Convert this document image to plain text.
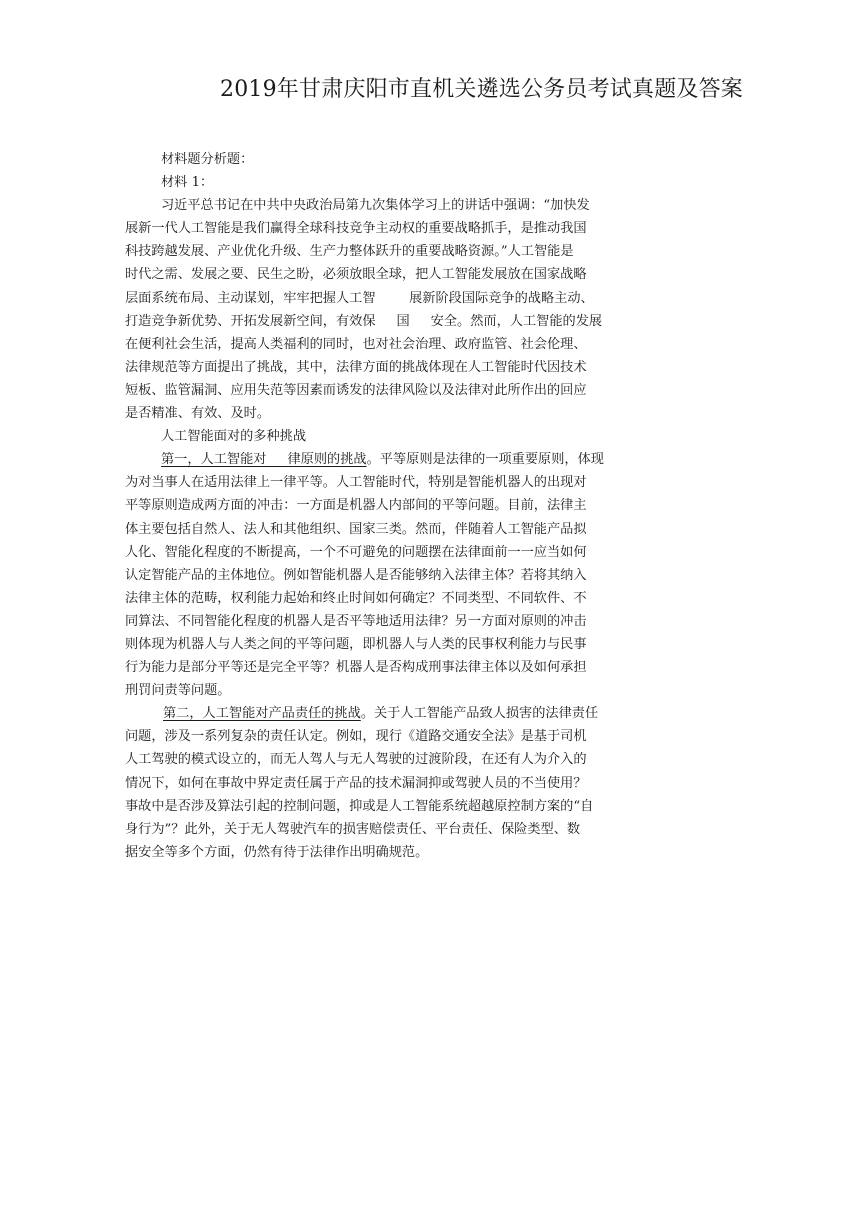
2019年甘肃庆阳市直机关遴选公务员考试真题及答案
材料题分析题：
材料 1：
习近平总书记在中共中央政治局第九次集体学习上的讲话中强调：“加快发
展新一代人工智能是我们赢得全球科技竞争主动权的重要战略抓手，是推动我国
科技跨越发展、产业优化升级、生产力整体跃升的重要战略资源。”人工智能是
时代之需、发展之要、民生之盼，必须放眼全球，把人工智能发展放在国家战略
层面系统布局、主动谋划，牢牢把握人工智        展新阶段国际竞争的战略主动、
打造竞争新优势、开拓发展新空间，有效保     国     安全。然而，人工智能的发展
在便利社会生活，提高人类福利的同时，也对社会治理、政府监管、社会伦理、
法律规范等方面提出了挑战，其中，法律方面的挑战体现在人工智能时代因技术
短板、监管漏洞、应用失范等因素而诱发的法律风险以及法律对此所作出的回应
是否精准、有效、及时。
人工智能面对的多种挑战
第一，人工智能对     律原则的挑战。平等原则是法律的一项重要原则，体现
为对当事人在适用法律上一律平等。人工智能时代，特别是智能机器人的出现对
平等原则造成两方面的冲击：一方面是机器人内部间的平等问题。目前，法律主
体主要包括自然人、法人和其他组织、国家三类。然而，伴随着人工智能产品拟
人化、智能化程度的不断提高，一个不可避免的问题摆在法律面前一一应当如何
认定智能产品的主体地位。例如智能机器人是否能够纳入法律主体？若将其纳入
法律主体的范畴，权利能力起始和终止时间如何确定？不同类型、不同软件、不
同算法、不同智能化程度的机器人是否平等地适用法律？另一方面对原则的冲击
则体现为机器人与人类之间的平等问题，即机器人与人类的民事权利能力与民事
行为能力是部分平等还是完全平等？机器人是否构成刑事法律主体以及如何承担
刑罚问责等问题。
第二，人工智能对产品责任的挑战。关于人工智能产品致人损害的法律责任
问题，涉及一系列复杂的责任认定。例如，现行《道路交通安全法》是基于司机
人工驾驶的模式设立的，而无人驾人与无人驾驶的过渡阶段，在还有人为介入的
情况下，如何在事故中界定责任属于产品的技术漏洞抑或驾驶人员的不当使用？
事故中是否涉及算法引起的控制问题，抑或是人工智能系统超越原控制方案的“自
身行为”？此外，关于无人驾驶汽车的损害赔偿责任、平台责任、保险类型、数
据安全等多个方面，仍然有待于法律作出明确规范。
